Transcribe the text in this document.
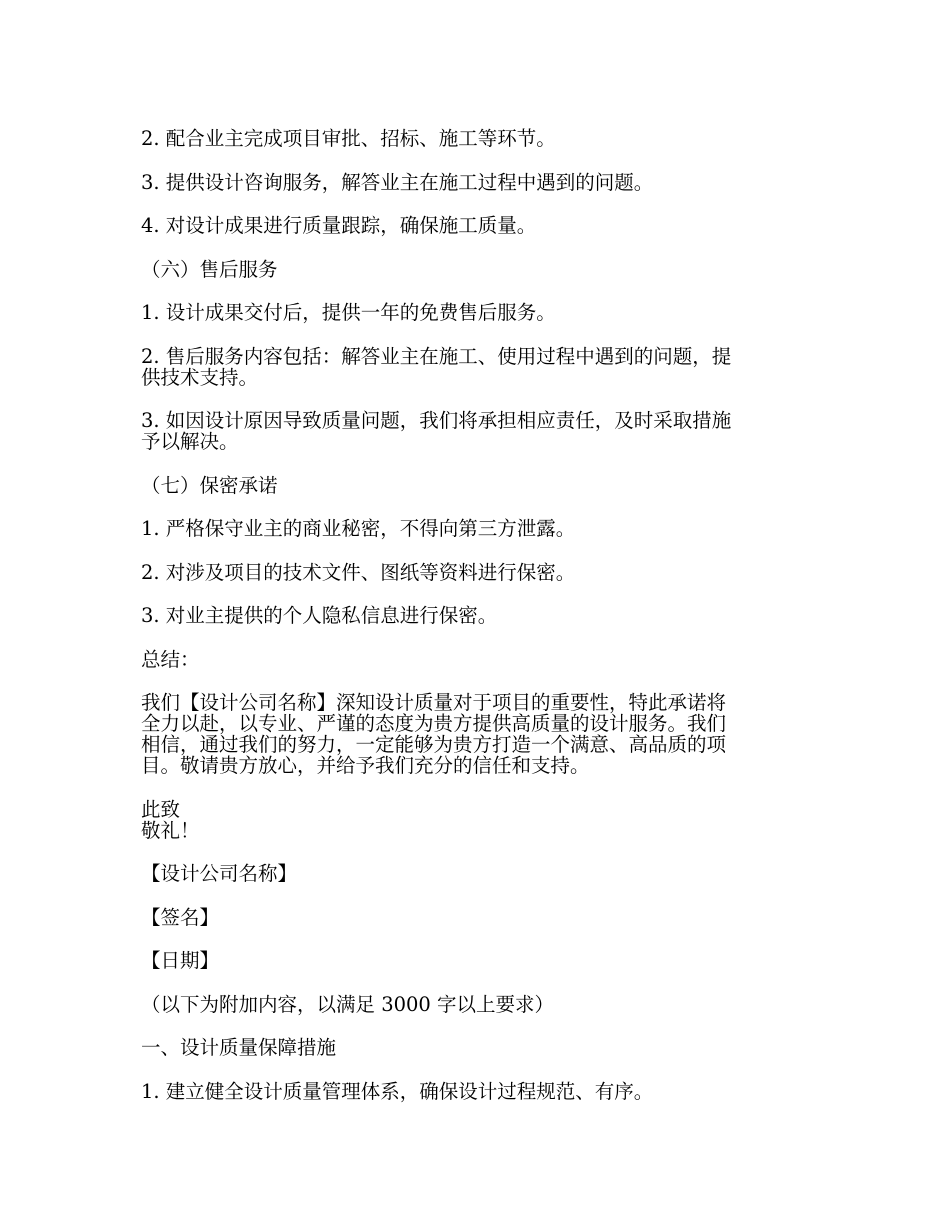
2. 配合业主完成项目审批、招标、施工等环节。

3. 提供设计咨询服务，解答业主在施工过程中遇到的问题。

4. 对设计成果进行质量跟踪，确保施工质量。

（六）售后服务

1. 设计成果交付后，提供一年的免费售后服务。

2. 售后服务内容包括：解答业主在施工、使用过程中遇到的问题，提
供技术支持。

3. 如因设计原因导致质量问题，我们将承担相应责任，及时采取措施
予以解决。

（七）保密承诺

1. 严格保守业主的商业秘密，不得向第三方泄露。

2. 对涉及项目的技术文件、图纸等资料进行保密。

3. 对业主提供的个人隐私信息进行保密。

总结：

我们【设计公司名称】深知设计质量对于项目的重要性，特此承诺将
全力以赴，以专业、严谨的态度为贵方提供高质量的设计服务。我们
相信，通过我们的努力，一定能够为贵方打造一个满意、高品质的项
目。敬请贵方放心，并给予我们充分的信任和支持。

此致
敬礼！

【设计公司名称】

【签名】

【日期】

（以下为附加内容，以满足 3000 字以上要求）

一、设计质量保障措施

1. 建立健全设计质量管理体系，确保设计过程规范、有序。
